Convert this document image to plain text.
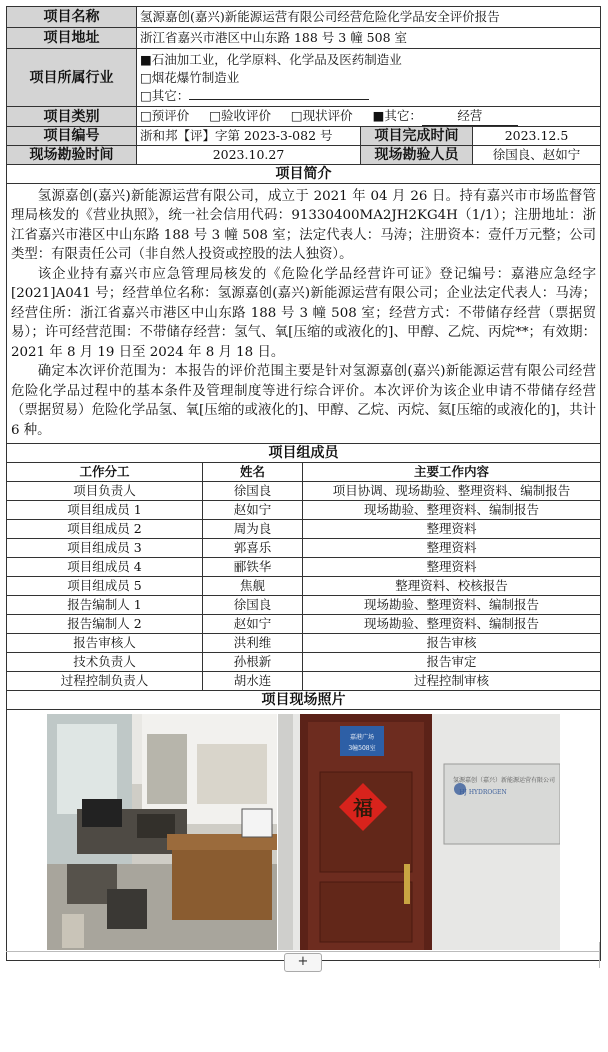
项目名称	氢源嘉创(嘉兴)新能源运营有限公司经营危险化学品安全评价报告		
项目地址	浙江省嘉兴市港区中山东路 188 号 3 幢 508 室		
项目所属行业	■石油加工业，化学原料、化学品及医药制造业
□烟花爆竹制造业
□其它：		

项目类别	□预评价 □验收评价 □现状评价 ■其它： 经营		
项目编号	浙和邦【评】字第 2023-3-082 号	项目完成时间	2023.12.5
现场勘验时间	2023.10.27	现场勘验人员	徐国良、赵如宁
项目简介			

氢源嘉创(嘉兴)新能源运营有限公司，成立于 2021 年 04 月 26 日。持有嘉兴市市场监督管理局核发的《营业执照》，统一社会信用代码：91330400MA2JH2KG4H（1/1）；注册地址：浙江省嘉兴市港区中山东路 188 号 3 幢 508 室；法定代表人：马涛；注册资本：壹仟万元整；公司类型：有限责任公司（非自然人投资或控股的法人独资）。

该企业持有嘉兴市应急管理局核发的《危险化学品经营许可证》登记编号：嘉港应急经字[2021]A041 号；经营单位名称：氢源嘉创(嘉兴)新能源运营有限公司；企业法定代表人：马涛；经营住所：浙江省嘉兴市港区中山东路 188 号 3 幢 508 室；经营方式：不带储存经营（票据贸易）；许可经营范围：不带储存经营：氢气、氧[压缩的或液化的]、甲醇、乙烷、丙烷**；有效期：2021 年 8 月 19 日至 2024 年 8 月 18 日。

确定本次评价范围为：本报告的评价范围主要是针对氢源嘉创(嘉兴)新能源运营有限公司经营危险化学品过程中的基本条件及管理制度等进行综合评价。本次评价为该企业申请不带储存经营（票据贸易）危险化学品氢、氧[压缩的或液化的]、甲醇、乙烷、丙烷、氦[压缩的或液化的]，共计 6 种。			

项目组成员		
工作分工	姓名	主要工作内容
项目负责人	徐国良	项目协调、现场勘验、整理资料、编制报告
项目组成员 1	赵如宁	现场勘验、整理资料、编制报告
项目组成员 2	周为良	整理资料
项目组成员 3	郭喜乐	整理资料
项目组成员 4	郦铁华	整理资料
项目组成员 5	焦舰	整理资料、校核报告
报告编制人 1	徐国良	现场勘验、整理资料、编制报告
报告编制人 2	赵如宁	现场勘验、整理资料、编制报告
报告审核人	洪利维	报告审核
技术负责人	孙根新	报告审定
过程控制负责人	胡水连	过程控制审核
项目现场照片		

嘉港广场
3幢508室
福
氢源嘉创（嘉兴）新能源运营有限公司
HJ HYDROGEN		
+
